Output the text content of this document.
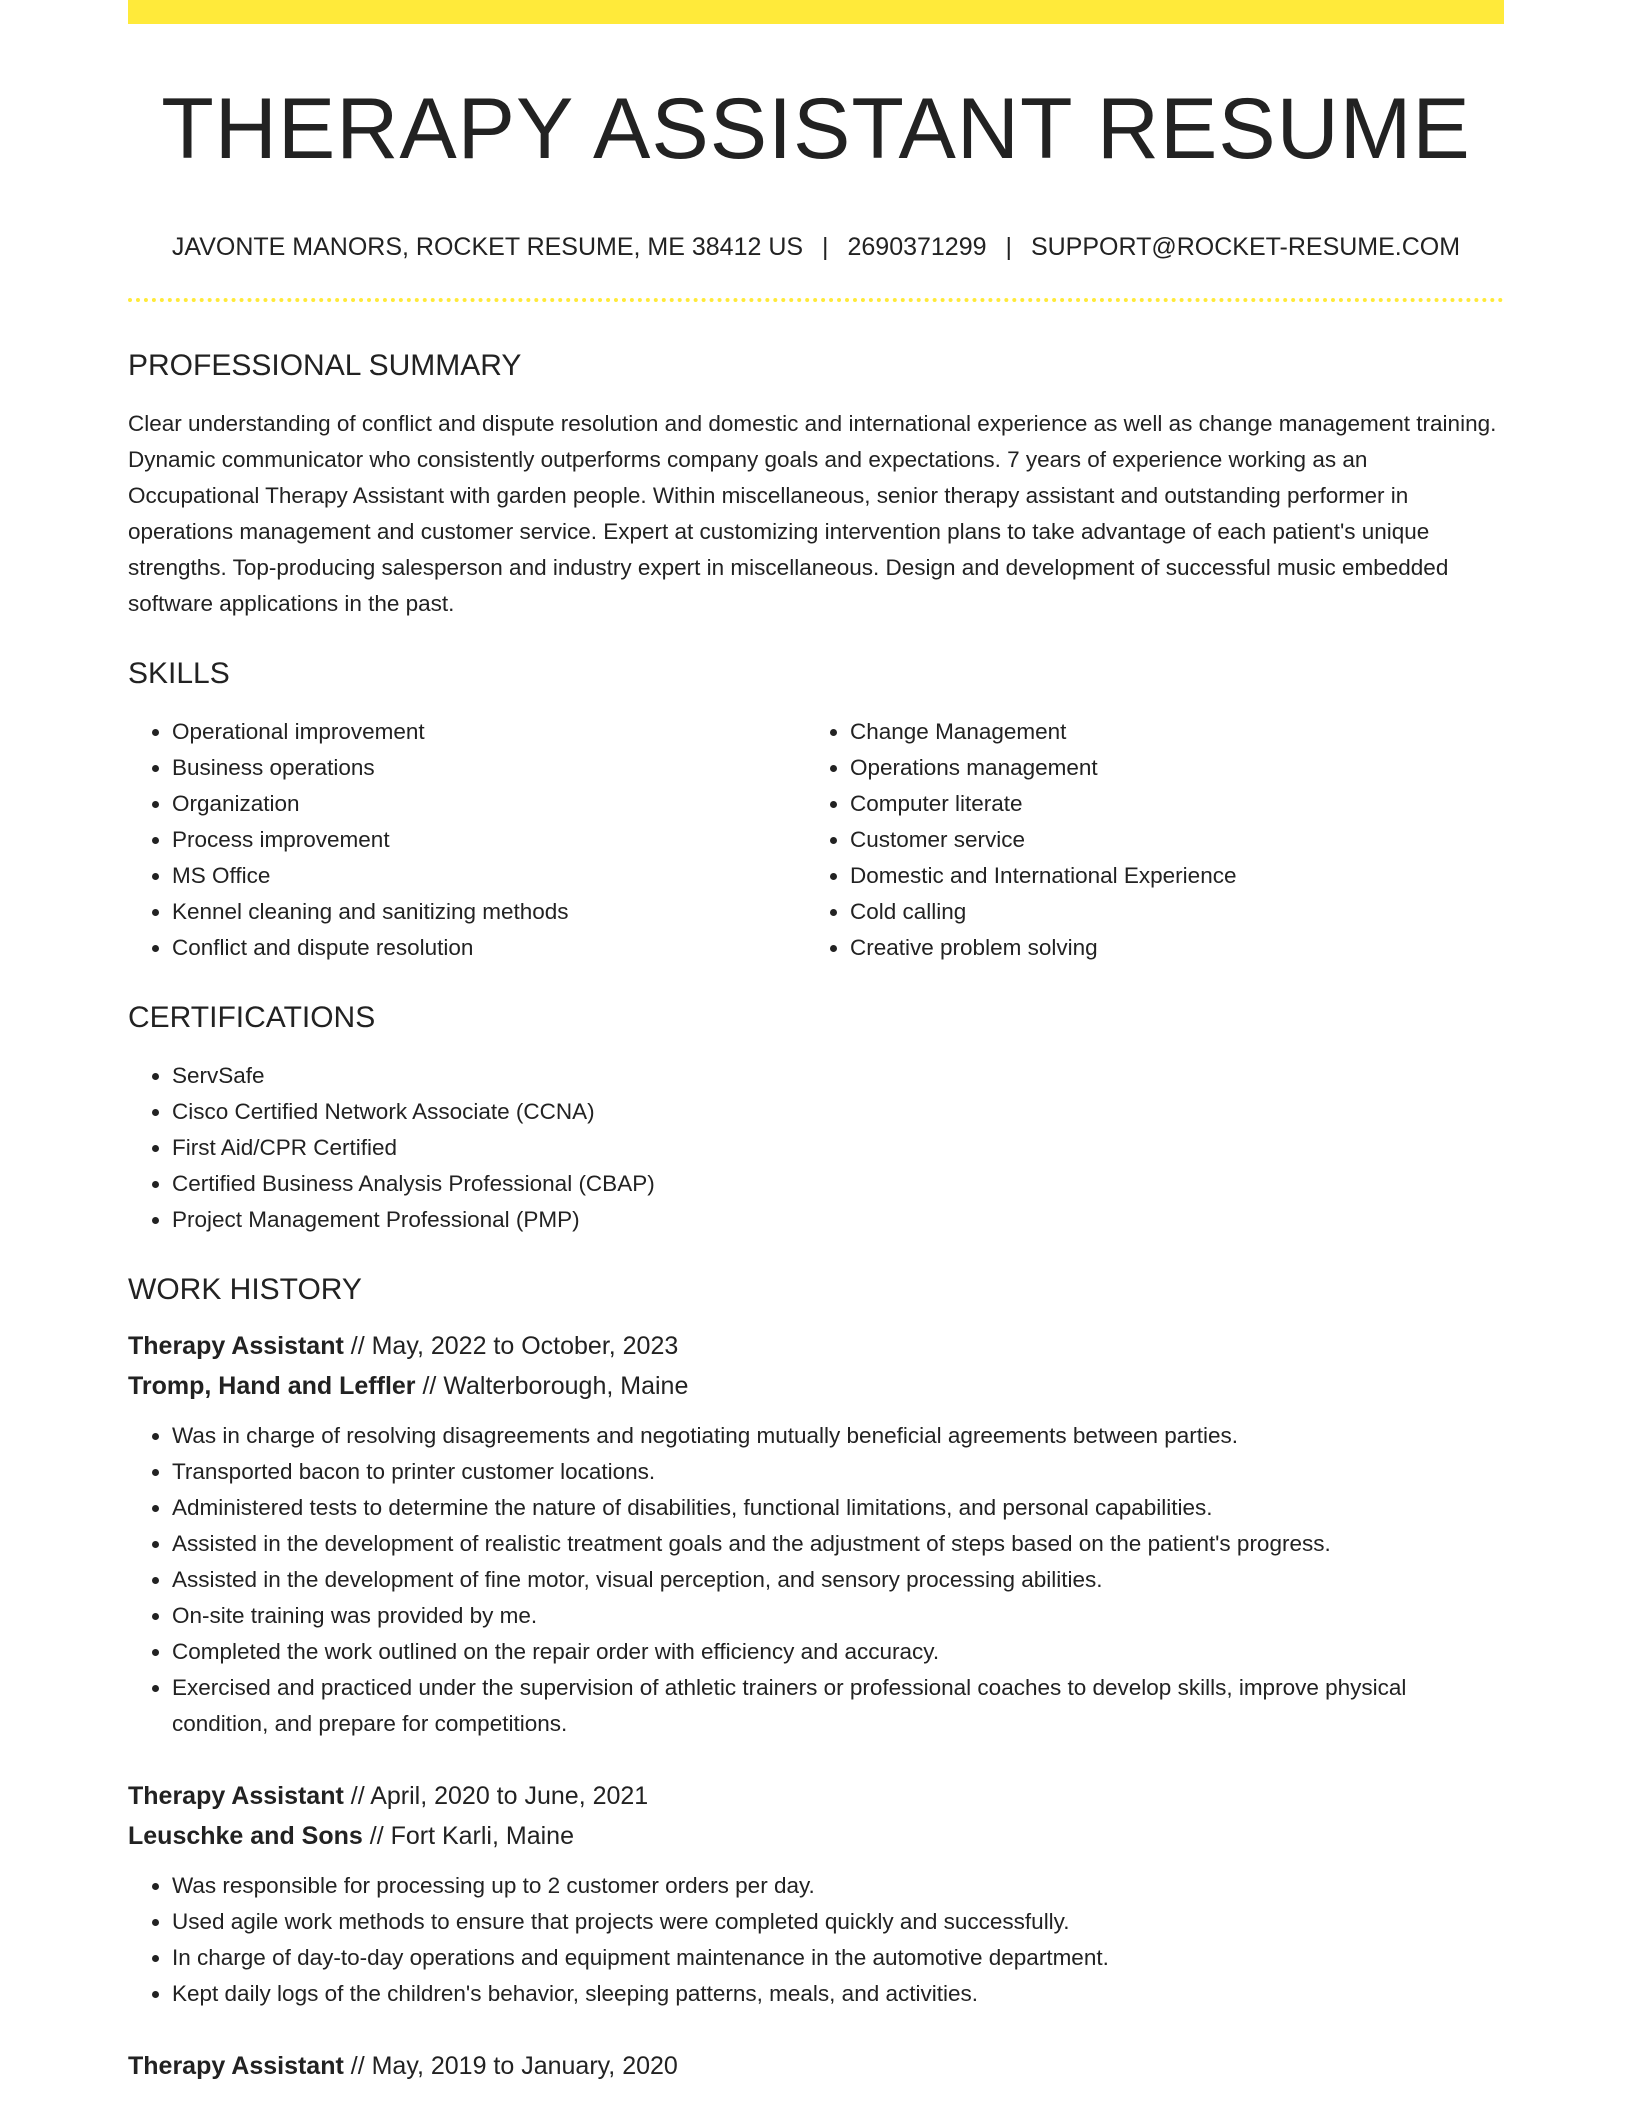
THERAPY ASSISTANT RESUME
JAVONTE MANORS, ROCKET RESUME, ME 38412 US | 2690371299 | SUPPORT@ROCKET-RESUME.COM
PROFESSIONAL SUMMARY
Clear understanding of conflict and dispute resolution and domestic and international experience as well as change management training. Dynamic communicator who consistently outperforms company goals and expectations. 7 years of experience working as an Occupational Therapy Assistant with garden people. Within miscellaneous, senior therapy assistant and outstanding performer in operations management and customer service. Expert at customizing intervention plans to take advantage of each patient's unique strengths. Top-producing salesperson and industry expert in miscellaneous. Design and development of successful music embedded software applications in the past.
SKILLS
• Operational improvement
• Business operations
• Organization
• Process improvement
• MS Office
• Kennel cleaning and sanitizing methods
• Conflict and dispute resolution
• Change Management
• Operations management
• Computer literate
• Customer service
• Domestic and International Experience
• Cold calling
• Creative problem solving
CERTIFICATIONS
• ServSafe
• Cisco Certified Network Associate (CCNA)
• First Aid/CPR Certified
• Certified Business Analysis Professional (CBAP)
• Project Management Professional (PMP)
WORK HISTORY
Therapy Assistant // May, 2022 to October, 2023
Tromp, Hand and Leffler // Walterborough, Maine
• Was in charge of resolving disagreements and negotiating mutually beneficial agreements between parties.
• Transported bacon to printer customer locations.
• Administered tests to determine the nature of disabilities, functional limitations, and personal capabilities.
• Assisted in the development of realistic treatment goals and the adjustment of steps based on the patient's progress.
• Assisted in the development of fine motor, visual perception, and sensory processing abilities.
• On-site training was provided by me.
• Completed the work outlined on the repair order with efficiency and accuracy.
• Exercised and practiced under the supervision of athletic trainers or professional coaches to develop skills, improve physical condition, and prepare for competitions.
Therapy Assistant // April, 2020 to June, 2021
Leuschke and Sons // Fort Karli, Maine
• Was responsible for processing up to 2 customer orders per day.
• Used agile work methods to ensure that projects were completed quickly and successfully.
• In charge of day-to-day operations and equipment maintenance in the automotive department.
• Kept daily logs of the children's behavior, sleeping patterns, meals, and activities.
Therapy Assistant // May, 2019 to January, 2020
